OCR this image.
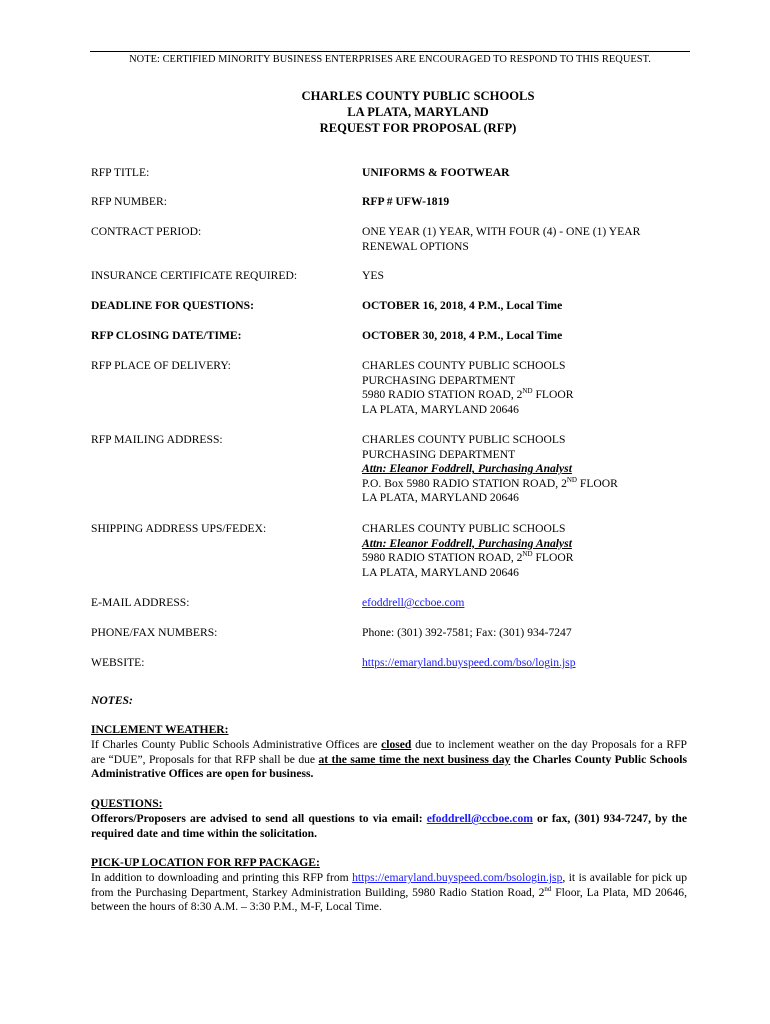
NOTE: CERTIFIED MINORITY BUSINESS ENTERPRISES ARE ENCOURAGED TO RESPOND TO THIS REQUEST.
CHARLES COUNTY PUBLIC SCHOOLS
LA PLATA, MARYLAND
REQUEST FOR PROPOSAL (RFP)
RFP TITLE:	UNIFORMS & FOOTWEAR
RFP NUMBER:	RFP # UFW-1819
CONTRACT PERIOD:	ONE YEAR (1) YEAR, WITH FOUR (4) - ONE (1) YEAR
RENEWAL OPTIONS
INSURANCE CERTIFICATE REQUIRED:	YES
DEADLINE FOR QUESTIONS:	OCTOBER 16, 2018, 4 P.M., Local Time
RFP CLOSING DATE/TIME:	OCTOBER 30, 2018, 4 P.M., Local Time
RFP PLACE OF DELIVERY:	CHARLES COUNTY PUBLIC SCHOOLS
PURCHASING DEPARTMENT
5980 RADIO STATION ROAD, 2ND FLOOR
LA PLATA, MARYLAND 20646
RFP MAILING ADDRESS:	CHARLES COUNTY PUBLIC SCHOOLS
PURCHASING DEPARTMENT
Attn: Eleanor Foddrell, Purchasing Analyst
P.O. Box 5980 RADIO STATION ROAD, 2ND FLOOR
LA PLATA, MARYLAND 20646
SHIPPING ADDRESS UPS/FEDEX:	CHARLES COUNTY PUBLIC SCHOOLS
Attn: Eleanor Foddrell, Purchasing Analyst
5980 RADIO STATION ROAD, 2ND FLOOR
LA PLATA, MARYLAND 20646
E-MAIL ADDRESS:	efoddrell@ccboe.com
PHONE/FAX NUMBERS:	Phone: (301) 392-7581; Fax: (301) 934-7247
WEBSITE:	https://emaryland.buyspeed.com/bso/login.jsp
NOTES:
INCLEMENT WEATHER:
If Charles County Public Schools Administrative Offices are closed due to inclement weather on the day Proposals for a RFP are “DUE”, Proposals for that RFP shall be due at the same time the next business day the Charles County Public Schools Administrative Offices are open for business.
QUESTIONS:
Offerors/Proposers are advised to send all questions to via email: efoddrell@ccboe.com or fax, (301) 934-7247, by the required date and time within the solicitation.
PICK-UP LOCATION FOR RFP PACKAGE:
In addition to downloading and printing this RFP from https://emaryland.buyspeed.com/bsologin.jsp, it is available for pick up from the Purchasing Department, Starkey Administration Building, 5980 Radio Station Road, 2nd Floor, La Plata, MD 20646, between the hours of 8:30 A.M. – 3:30 P.M., M-F, Local Time.
